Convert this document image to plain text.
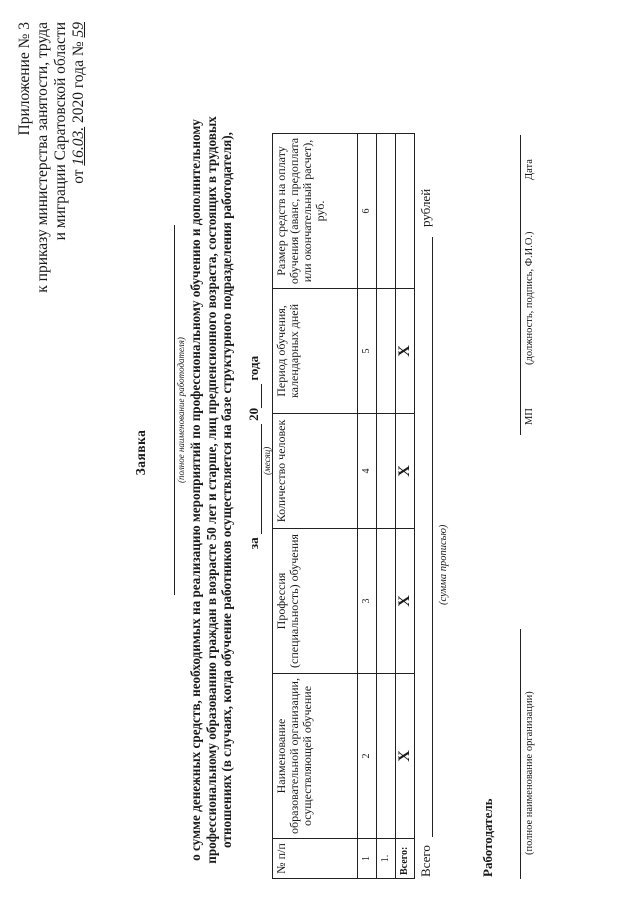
Приложение № 3 к приказу министерства занятости, труда и миграции Саратовской области от 16.03. 2020 года № 59
Заявка	(полное наименование работодателя) о сумме денежных средств, необходимых на реализацию мероприятий по профессиональному обучению и дополнительному профессиональному образованию граждан в возрасте 50 лет и старше, лиц предпенсионного возраста, состоящих в трудовых отношениях (в случаях, когда обучение работников осуществляется на базе структурного подразделения работодателя), за   20  года
(месяц)
№ п/п	Наименование образовательной организации, осуществляющей обучение	Профессия (специальность) обучения	Количество человек	Период обучения, календарных дней	Размер средств на оплату обучения (аванс, предоплата или окончательный расчет), руб.
1	2	3	4	5	6
1.					
Всего:	X	X	X	X	
Всего
рублей
(сумма прописью)
Работодатель	(полное наименование организации)
МП
(должность, подпись, Ф.И.О.)
Дата
